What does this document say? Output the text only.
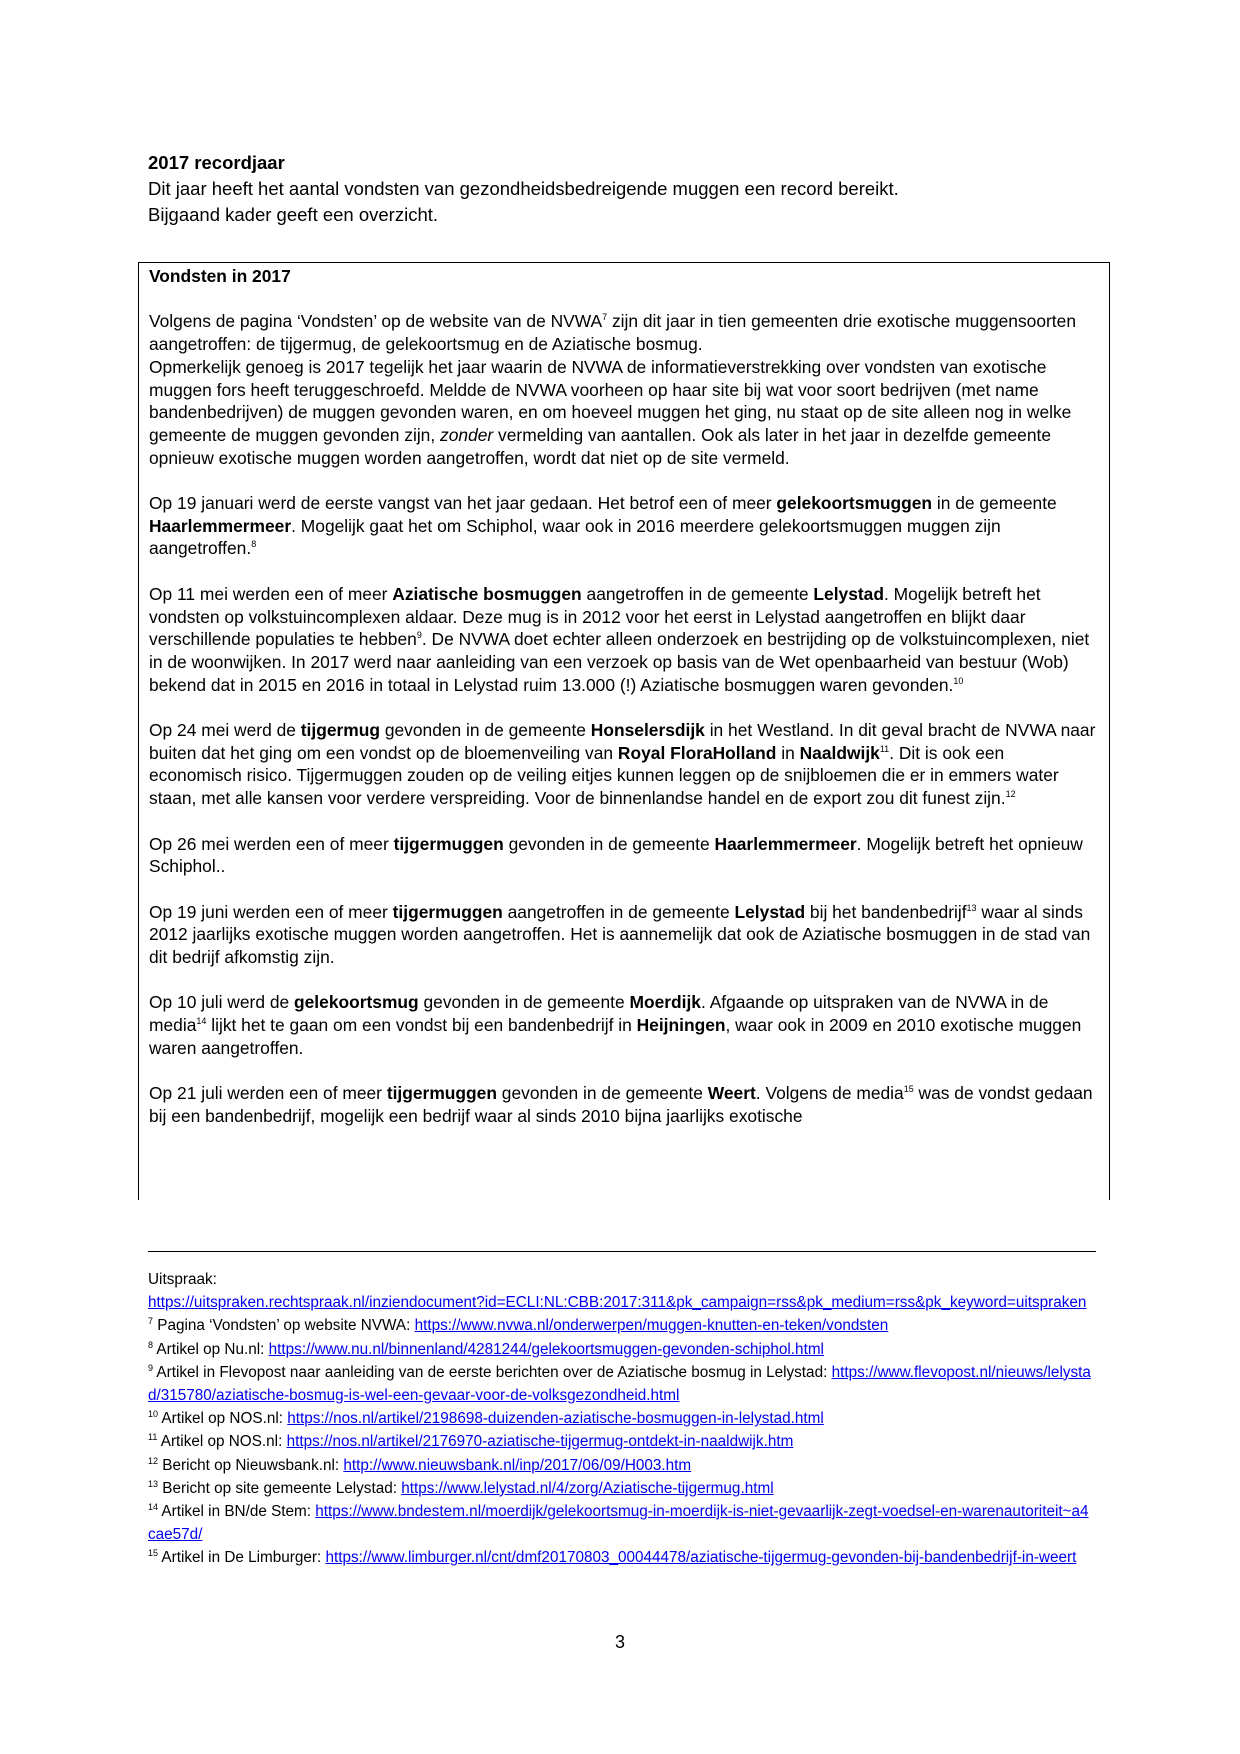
2017 recordjaar
Dit jaar heeft het aantal vondsten van gezondheidsbedreigende muggen een record bereikt.
Bijgaand kader geeft een overzicht.
Vondsten in 2017

Volgens de pagina ‘Vondsten’ op de website van de NVWA$^7$ zijn dit jaar in tien gemeenten drie exotische muggensoorten aangetroffen: de tijgermug, de gelekoortsmug en de Aziatische bosmug.
Opmerkelijk genoeg is 2017 tegelijk het jaar waarin de NVWA de informatieverstrekking over vondsten van exotische muggen fors heeft teruggeschroefd. Meldde de NVWA voorheen op haar site bij wat voor soort bedrijven (met name bandenbedrijven) de muggen gevonden waren, en om hoeveel muggen het ging, nu staat op de site alleen nog in welke gemeente de muggen gevonden zijn, zonder vermelding van aantallen. Ook als later in het jaar in dezelfde gemeente opnieuw exotische muggen worden aangetroffen, wordt dat niet op de site vermeld.

Op 19 januari werd de eerste vangst van het jaar gedaan. Het betrof een of meer gelekoortsmuggen in de gemeente Haarlemmermeer. Mogelijk gaat het om Schiphol, waar ook in 2016 meerdere gelekoortsmuggen muggen zijn aangetroffen.$^8$

Op 11 mei werden een of meer Aziatische bosmuggen aangetroffen in de gemeente Lelystad. Mogelijk betreft het vondsten op volkstuincomplexen aldaar. Deze mug is in 2012 voor het eerst in Lelystad aangetroffen en blijkt daar verschillende populaties te hebben$^9$. De NVWA doet echter alleen onderzoek en bestrijding op de volkstuincomplexen, niet in de woonwijken. In 2017 werd naar aanleiding van een verzoek op basis van de Wet openbaarheid van bestuur (Wob) bekend dat in 2015 en 2016 in totaal in Lelystad ruim 13.000 (!) Aziatische bosmuggen waren gevonden.$^{10}$

Op 24 mei werd de tijgermug gevonden in de gemeente Honselersdijk in het Westland. In dit geval bracht de NVWA naar buiten dat het ging om een vondst op de bloemenveiling van Royal FloraHolland in Naaldwijk$^{11}$. Dit is ook een economisch risico. Tijgermuggen zouden op de veiling eitjes kunnen leggen op de snijbloemen die er in emmers water staan, met alle kansen voor verdere verspreiding. Voor de binnenlandse handel en de export zou dit funest zijn.$^{12}$

Op 26 mei werden een of meer tijgermuggen gevonden in de gemeente Haarlemmermeer. Mogelijk betreft het opnieuw Schiphol..

Op 19 juni werden een of meer tijgermuggen aangetroffen in de gemeente Lelystad bij het bandenbedrijf$^{13}$ waar al sinds 2012 jaarlijks exotische muggen worden aangetroffen. Het is aannemelijk dat ook de Aziatische bosmuggen in de stad van dit bedrijf afkomstig zijn.

Op 10 juli werd de gelekoortsmug gevonden in de gemeente Moerdijk. Afgaande op uitspraken van de NVWA in de media$^{14}$ lijkt het te gaan om een vondst bij een bandenbedrijf in Heijningen, waar ook in 2009 en 2010 exotische muggen waren aangetroffen.

Op 21 juli werden een of meer tijgermuggen gevonden in de gemeente Weert. Volgens de media$^{15}$ was de vondst gedaan bij een bandenbedrijf, mogelijk een bedrijf waar al sinds 2010 bijna jaarlijks exotische

Uitspraak:
https://uitspraken.rechtspraak.nl/inziendocument?id=ECLI:NL:CBB:2017:311&pk_campaign=rss&pk_medium=rss&pk_keyword=uitspraken
$^7$ Pagina ‘Vondsten’ op website NVWA: https://www.nvwa.nl/onderwerpen/muggen-knutten-en-teken/vondsten
$^8$ Artikel op Nu.nl: https://www.nu.nl/binnenland/4281244/gelekoortsmuggen-gevonden-schiphol.html
$^9$ Artikel in Flevopost naar aanleiding van de eerste berichten over de Aziatische bosmug in Lelystad: https://www.flevopost.nl/nieuws/lelystad/315780/aziatische-bosmug-is-wel-een-gevaar-voor-de-volksgezondheid.html
$^{10}$ Artikel op NOS.nl: https://nos.nl/artikel/2198698-duizenden-aziatische-bosmuggen-in-lelystad.html
$^{11}$ Artikel op NOS.nl: https://nos.nl/artikel/2176970-aziatische-tijgermug-ontdekt-in-naaldwijk.htm
$^{12}$ Bericht op Nieuwsbank.nl: http://www.nieuwsbank.nl/inp/2017/06/09/H003.htm
$^{13}$ Bericht op site gemeente Lelystad: https://www.lelystad.nl/4/zorg/Aziatische-tijgermug.html
$^{14}$ Artikel in BN/de Stem: https://www.bndestem.nl/moerdijk/gelekoortsmug-in-moerdijk-is-niet-gevaarlijk-zegt-voedsel-en-warenautoriteit~a4cae57d/
$^{15}$ Artikel in De Limburger: https://www.limburger.nl/cnt/dmf20170803_00044478/aziatische-tijgermug-gevonden-bij-bandenbedrijf-in-weert
3
